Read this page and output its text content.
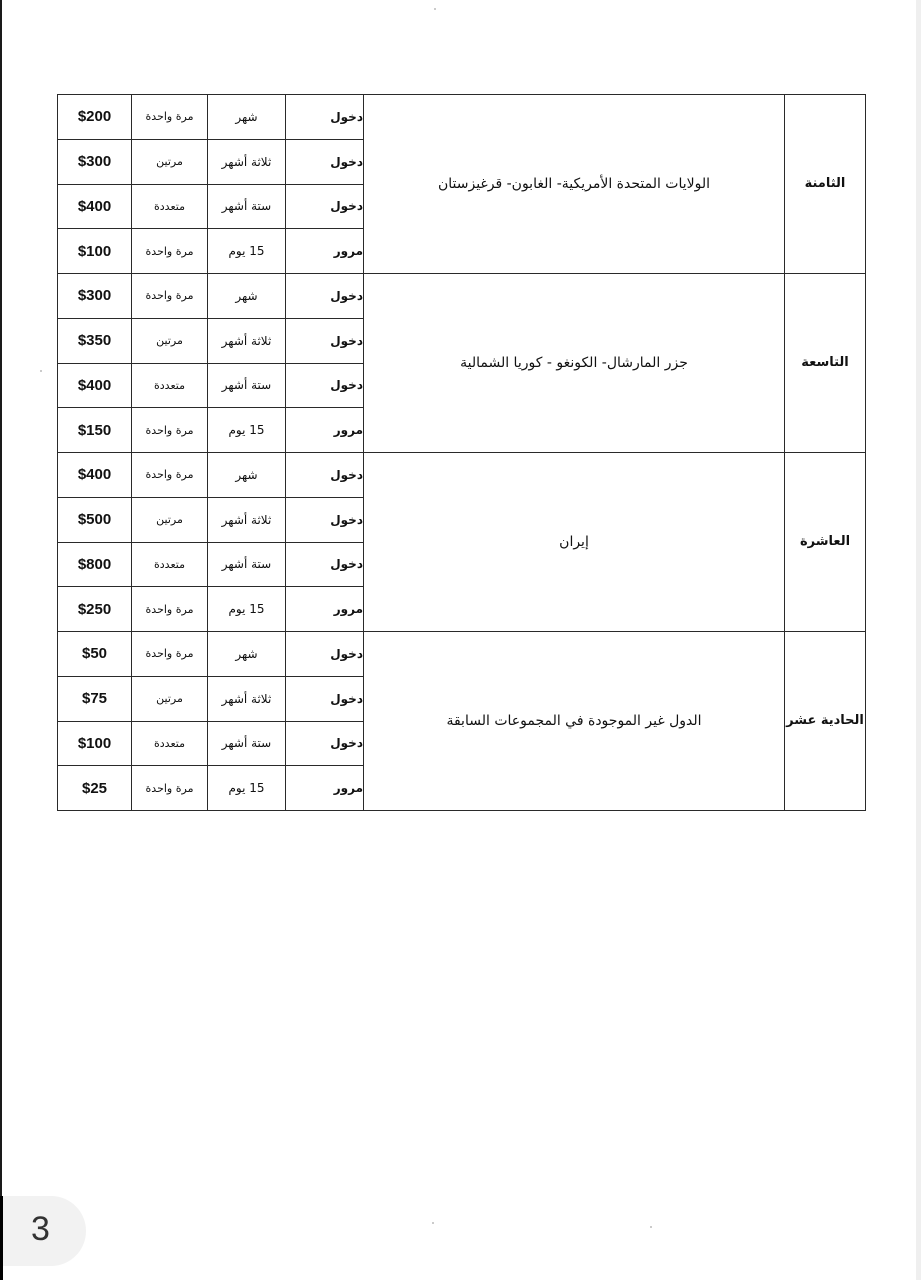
الثامنة	الولايات المتحدة الأمريكية- الغابون- قرغيزستان	دخول	شهر	مرة واحدة	$200
		دخول	ثلاثة أشهر	مرتين	$300
		دخول	ستة أشهر	متعددة	$400
		مرور	15 يوم	مرة واحدة	$100
التاسعة	جزر المارشال- الكونغو - كوريا الشمالية	دخول	شهر	مرة واحدة	$300
		دخول	ثلاثة أشهر	مرتين	$350
		دخول	ستة أشهر	متعددة	$400
		مرور	15 يوم	مرة واحدة	$150
العاشرة	إيران	دخول	شهر	مرة واحدة	$400
		دخول	ثلاثة أشهر	مرتين	$500
		دخول	ستة أشهر	متعددة	$800
		مرور	15 يوم	مرة واحدة	$250
الحادية عشر	الدول غير الموجودة في المجموعات السابقة	دخول	شهر	مرة واحدة	$50
		دخول	ثلاثة أشهر	مرتين	$75
		دخول	ستة أشهر	متعددة	$100
		مرور	15 يوم	مرة واحدة	$25
3
